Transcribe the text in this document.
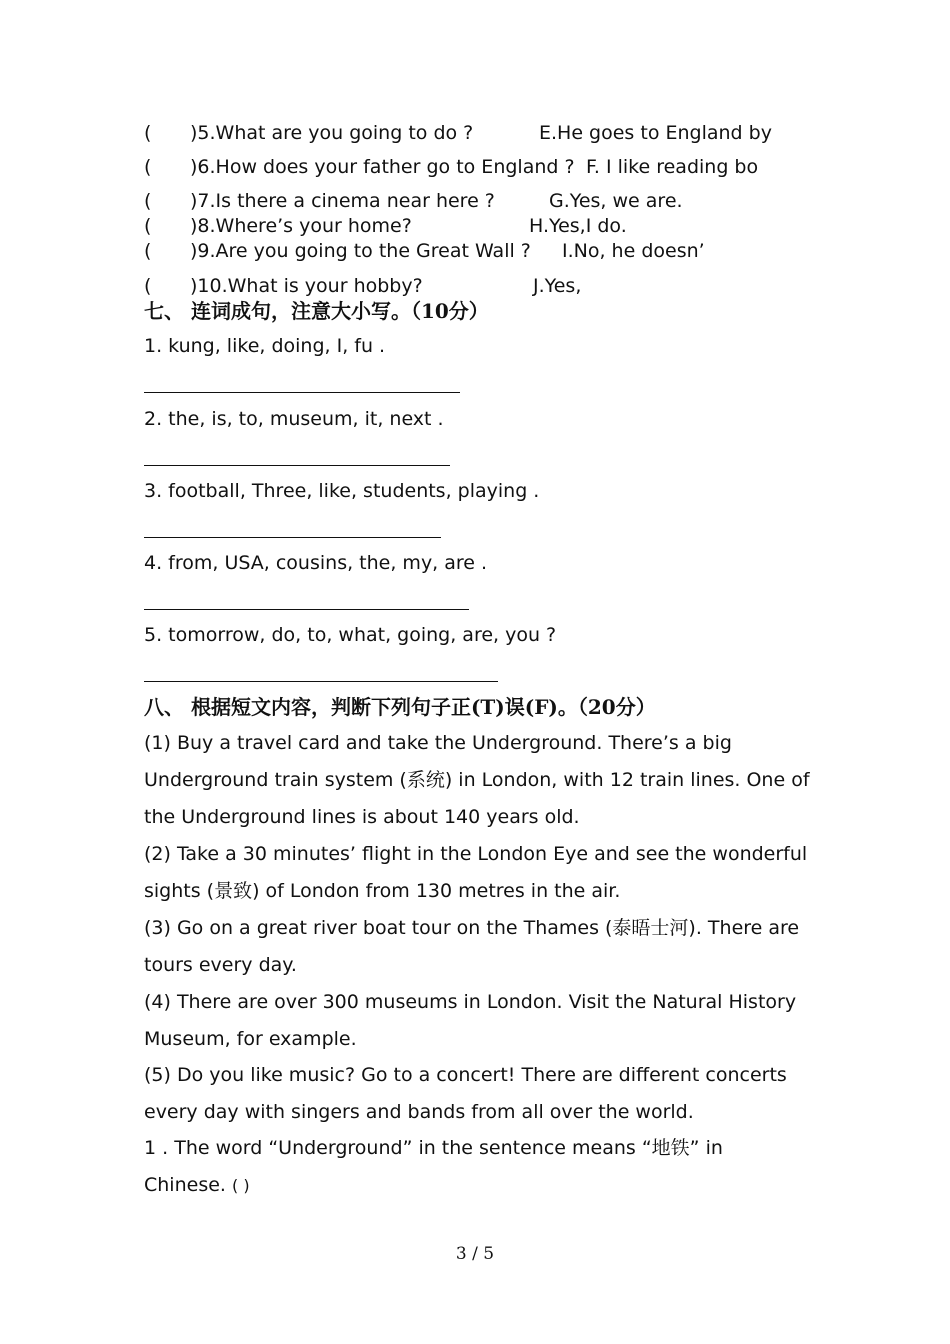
( )5.What are you going to do ?	E.He goes to England by
( )6.How does your father go to England ? F. I like reading bo
( )7.Is there a cinema near here ?	G.Yes, we are.
( )8.Where’s your home?	H.Yes,I do.
( )9.Are you going to the Great Wall ? I.No, he doesn’
( )10.What is your hobby?	J.Yes,
七、 连词成句，注意大小写。（10分）
1. kung, like, doing, I, fu .
2. the, is, to, museum, it, next .
3. football, Three, like, students, playing .
4. from, USA, cousins, the, my, are .
5. tomorrow, do, to, what, going, are, you ?
八、 根据短文内容，判断下列句子正(T)误(F)。（20分）
(1) Buy a travel card and take the Underground. There’s a big Underground train system (系统) in London, with 12 train lines. One of the Underground lines is about 140 years old.
(2) Take a 30 minutes’ flight in the London Eye and see the wonderful sights (景致) of London from 130 metres in the air.
(3) Go on a great river boat tour on the Thames (泰晤士河). There are tours every day.
(4) There are over 300 museums in London. Visit the Natural History Museum, for example.
(5) Do you like music? Go to a concert! There are different concerts every day with singers and bands from all over the world.
1 . The word “Underground” in the sentence means “地铁” in Chinese. ( )
3 / 5
